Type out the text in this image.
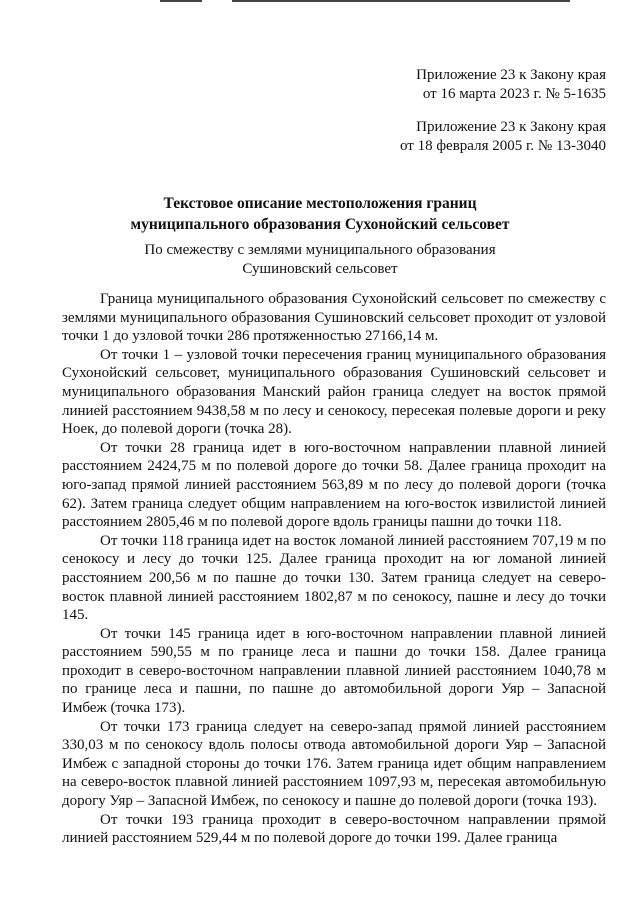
Приложение 23 к Закону края
от 16 марта 2023 г. № 5-1635
Приложение 23 к Закону края
от 18 февраля 2005 г. № 13-3040
Текстовое описание местоположения границ
муниципального образования Сухонойский сельсовет
По смежеству с землями муниципального образования
Сушиновский сельсовет

Граница муниципального образования Сухонойский сельсовет по смежеству с землями муниципального образования Сушиновский сельсовет проходит от узловой точки 1 до узловой точки 286 протяженностью 27166,14 м.

От точки 1 – узловой точки пересечения границ муниципального образования Сухонойский сельсовет, муниципального образования Сушиновский сельсовет и муниципального образования Манский район граница следует на восток прямой линией расстоянием 9438,58 м по лесу и сенокосу, пересекая полевые дороги и реку Ноек, до полевой дороги (точка 28).

От точки 28 граница идет в юго-восточном направлении плавной линией расстоянием 2424,75 м по полевой дороге до точки 58. Далее граница проходит на юго-запад прямой линией расстоянием 563,89 м по лесу до полевой дороги (точка 62). Затем граница следует общим направлением на юго-восток извилистой линией расстоянием 2805,46 м по полевой дороге вдоль границы пашни до точки 118.

От точки 118 граница идет на восток ломаной линией расстоянием 707,19 м по сенокосу и лесу до точки 125. Далее граница проходит на юг ломаной линией расстоянием 200,56 м по пашне до точки 130. Затем граница следует на северо-восток плавной линией расстоянием 1802,87 м по сенокосу, пашне и лесу до точки 145.

От точки 145 граница идет в юго-восточном направлении плавной линией расстоянием 590,55 м по границе леса и пашни до точки 158. Далее граница проходит в северо-восточном направлении плавной линией расстоянием 1040,78 м по границе леса и пашни, по пашне до автомобильной дороги Уяр – Запасной Имбеж (точка 173).

От точки 173 граница следует на северо-запад прямой линией расстоянием 330,03 м по сенокосу вдоль полосы отвода автомобильной дороги Уяр – Запасной Имбеж с западной стороны до точки 176. Затем граница идет общим направлением на северо-восток плавной линией расстоянием 1097,93 м, пересекая автомобильную дорогу Уяр – Запасной Имбеж, по сенокосу и пашне до полевой дороги (точка 193).

От точки 193 граница проходит в северо-восточном направлении прямой линией расстоянием 529,44 м по полевой дороге до точки 199. Далее граница
